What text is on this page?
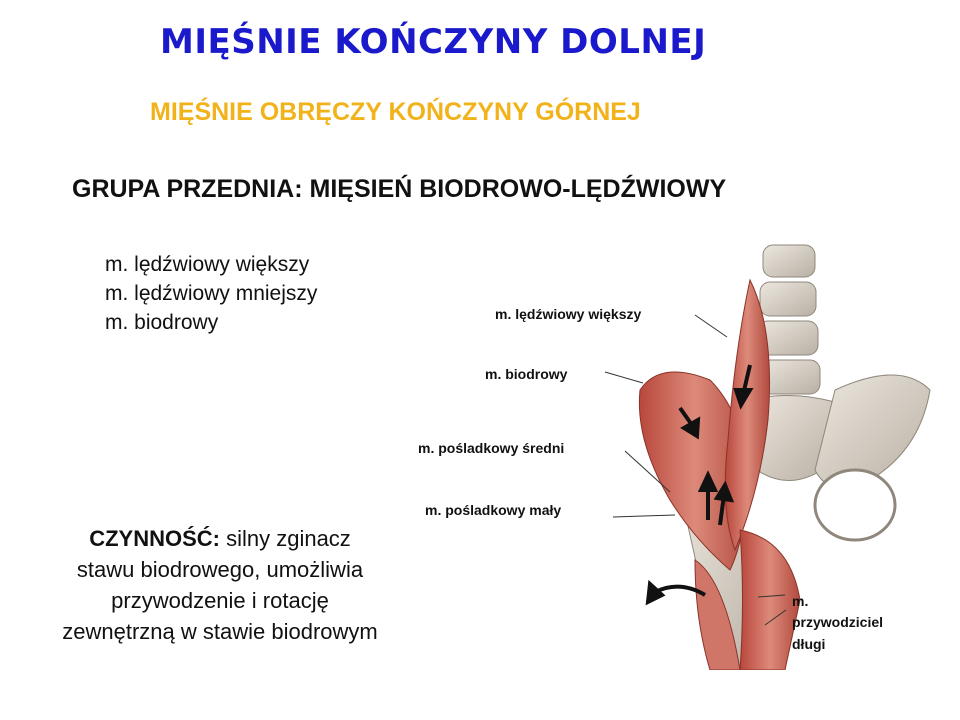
MIĘŚNIE KOŃCZYNY DOLNEJ
MIĘŚNIE OBRĘCZY KOŃCZYNY GÓRNEJ
GRUPA PRZEDNIA: MIĘSIEŃ BIODROWO-LĘDŹWIOWY
m. lędźwiowy większy
m. lędźwiowy mniejszy
m. biodrowy
CZYNNOŚĆ: silny zginacz
stawu biodrowego, umożliwia
przywodzenie i rotację
zewnętrzną w stawie biodrowym
m. lędźwiowy większy
m. biodrowy
m. pośladkowy średni
m. pośladkowy mały
m.
przywodziciel
długi
